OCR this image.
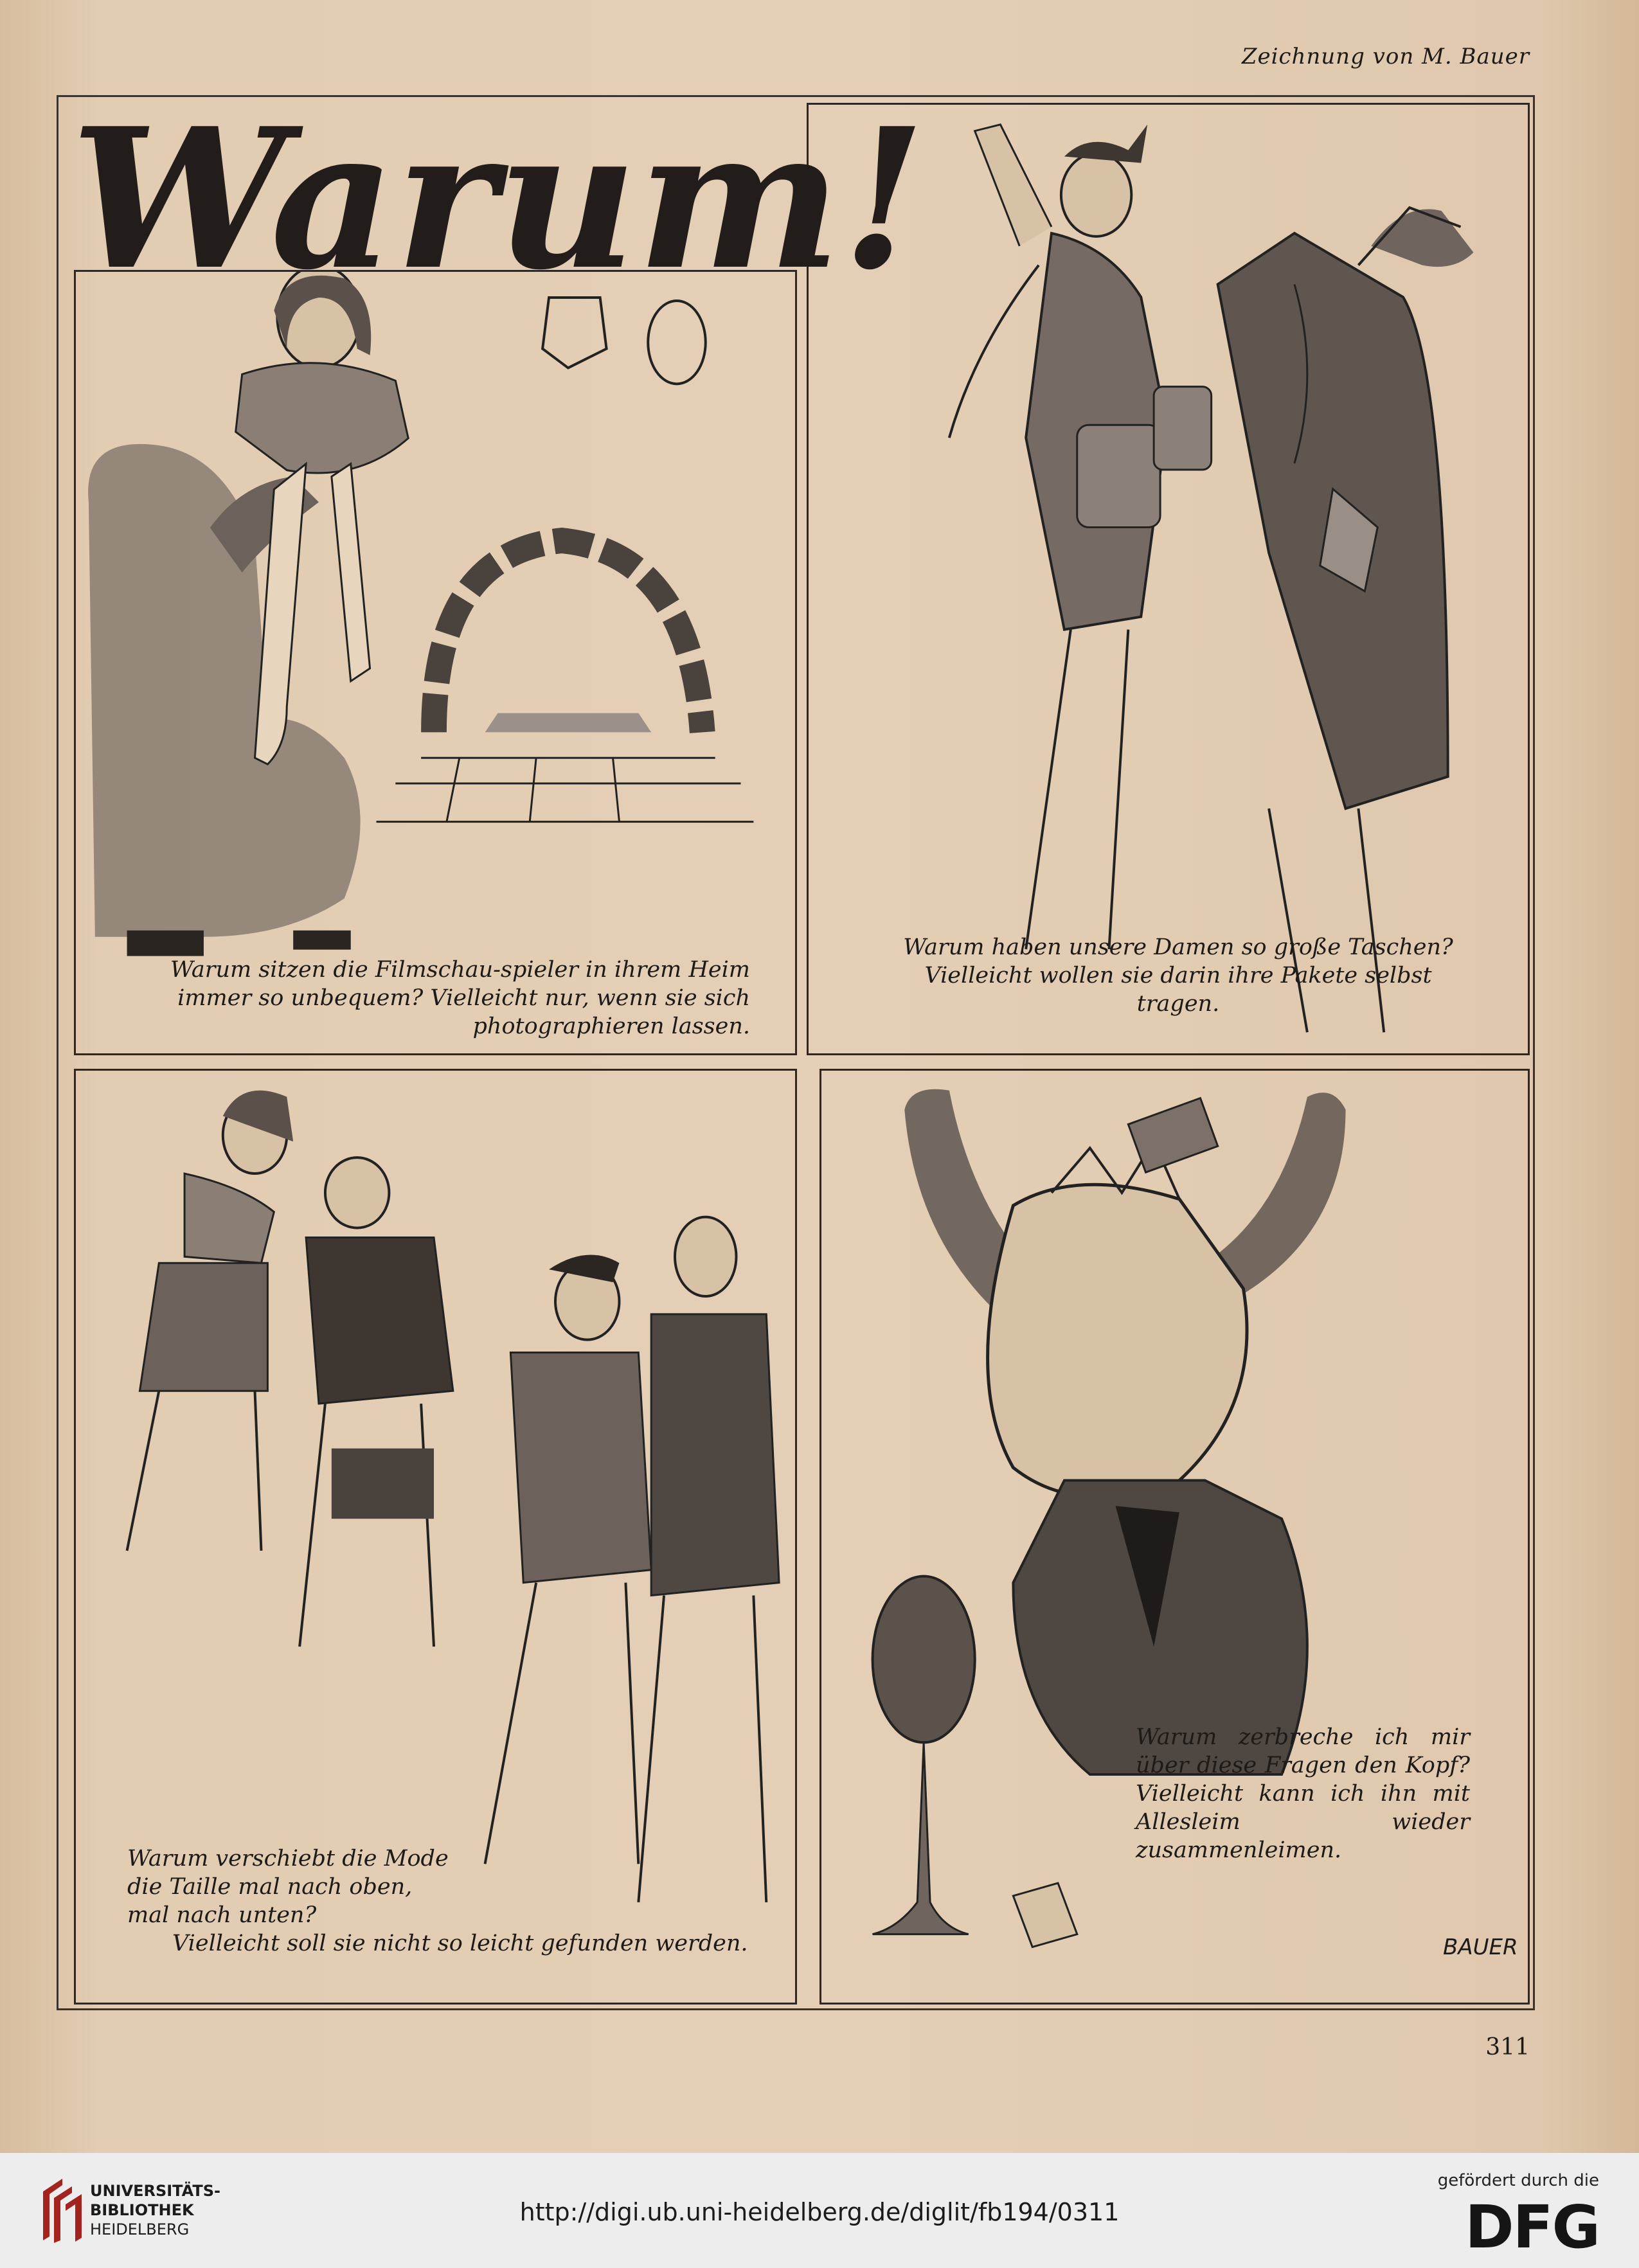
Zeichnung von M. Bauer
Warum sitzen die Filmschau-spieler in ihrem Heim immer so unbequem? Vielleicht nur, wenn sie sich photographieren lassen.
Warum haben unsere Damen so große Taschen? Vielleicht wollen sie darin ihre Pakete selbst tragen.
Warum verschiebt die Mode
die Taille mal nach oben,
mal nach unten?
Vielleicht soll sie nicht so leicht gefunden werden.
Warum zerbreche ich mir über diese Fragen den Kopf? Vielleicht kann ich ihn mit Allesleim wieder zusammenleimen.
Warum!
BAUER
311
UNIVERSITÄTS-
BIBLIOTHEK
HEIDELBERG
http://digi.ub.uni-heidelberg.de/diglit/fb194/0311
gefördert durch die
DFG
